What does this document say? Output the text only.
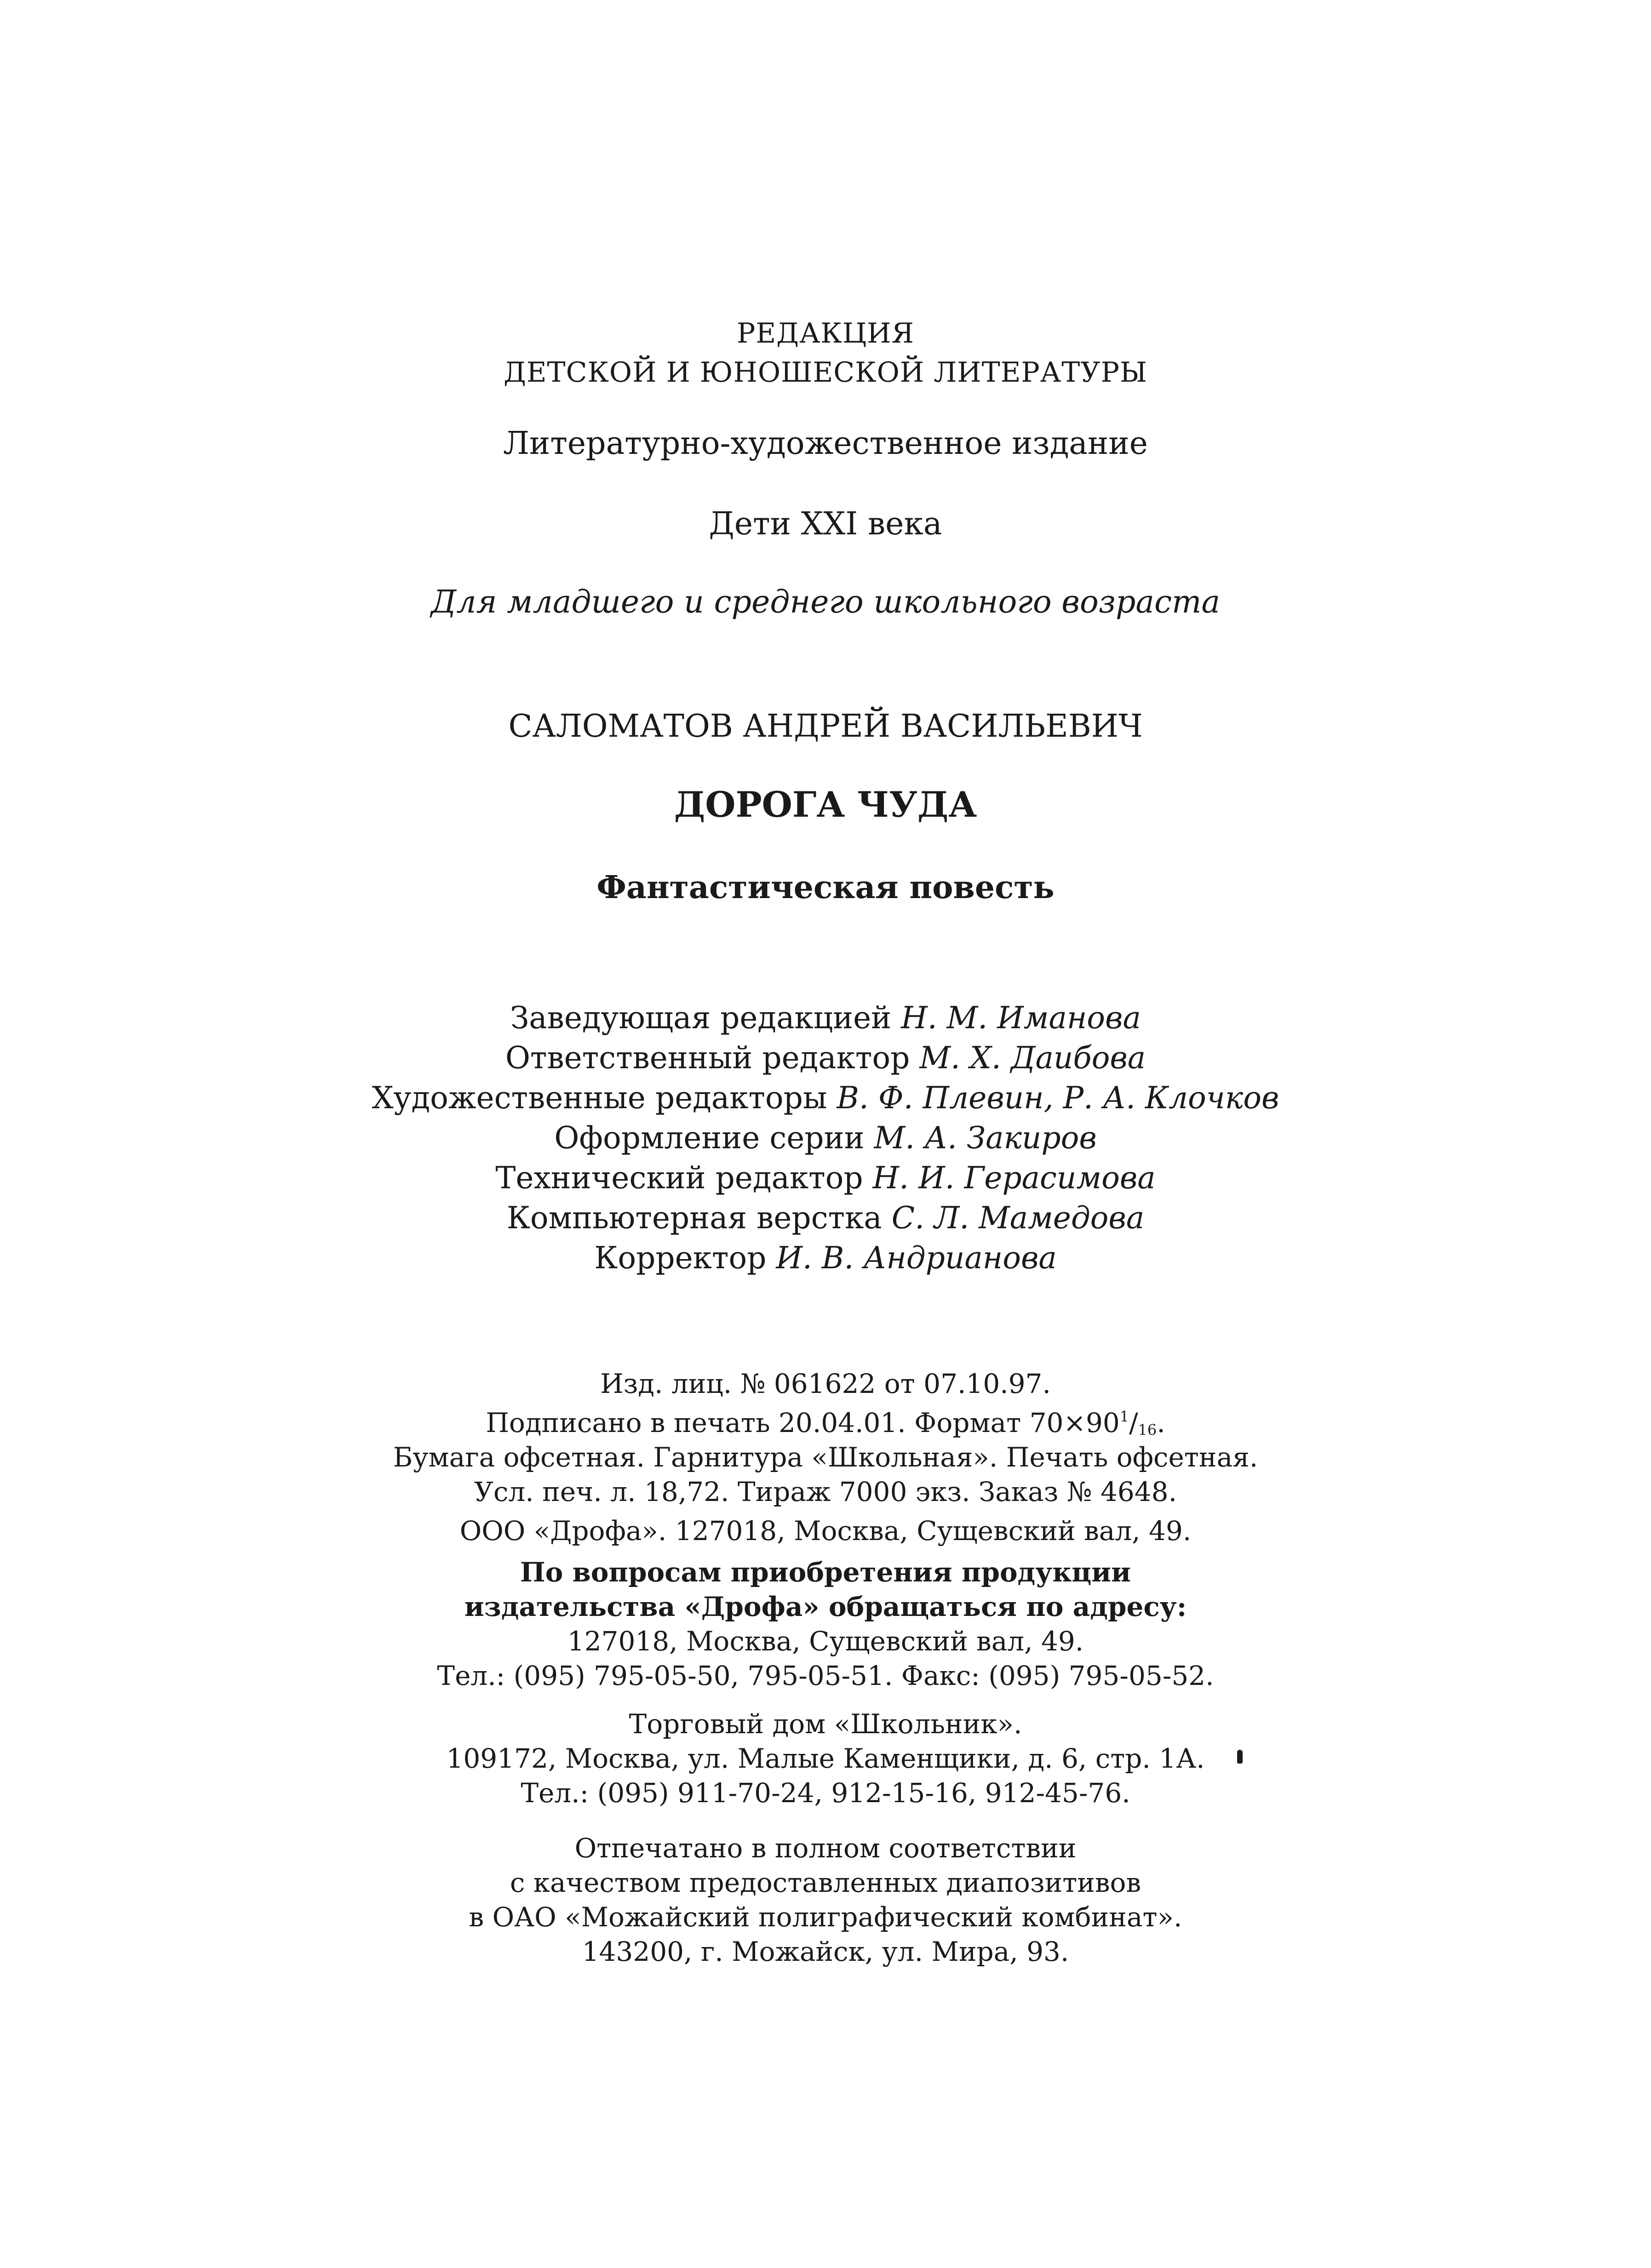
РЕДАКЦИЯ
ДЕТСКОЙ И ЮНОШЕСКОЙ ЛИТЕРАТУРЫ
Литературно-художественное издание
Дети XXI века
Для младшего и среднего школьного возраста
САЛОМАТОВ АНДРЕЙ ВАСИЛЬЕВИЧ
ДОРОГА ЧУДА
Фантастическая повесть
Заведующая редакцией Н. М. Иманова
Ответственный редактор М. Х. Даибова
Художественные редакторы В. Ф. Плевин, Р. А. Клочков
Оформление серии М. А. Закиров
Технический редактор Н. И. Герасимова
Компьютерная верстка С. Л. Мамедова
Корректор И. В. Андрианова
Изд. лиц. № 061622 от 07.10.97.
Подписано в печать 20.04.01. Формат $70\times 90^1/_{16}$.
Бумага офсетная. Гарнитура «Школьная». Печать офсетная.
Усл. печ. л. 18,72. Тираж 7000 экз. Заказ № 4648.
ООО «Дрофа». 127018, Москва, Сущевский вал, 49.
По вопросам приобретения продукции
издательства «Дрофа» обращаться по адресу:
127018, Москва, Сущевский вал, 49.
Тел.: (095) 795-05-50, 795-05-51. Факс: (095) 795-05-52.
Торговый дом «Школьник».
109172, Москва, ул. Малые Каменщики, д. 6, стр. 1А.
Тел.: (095) 911-70-24, 912-15-16, 912-45-76.
Отпечатано в полном соответствии
с качеством предоставленных диапозитивов
в ОАО «Можайский полиграфический комбинат».
143200, г. Можайск, ул. Мира, 93.
